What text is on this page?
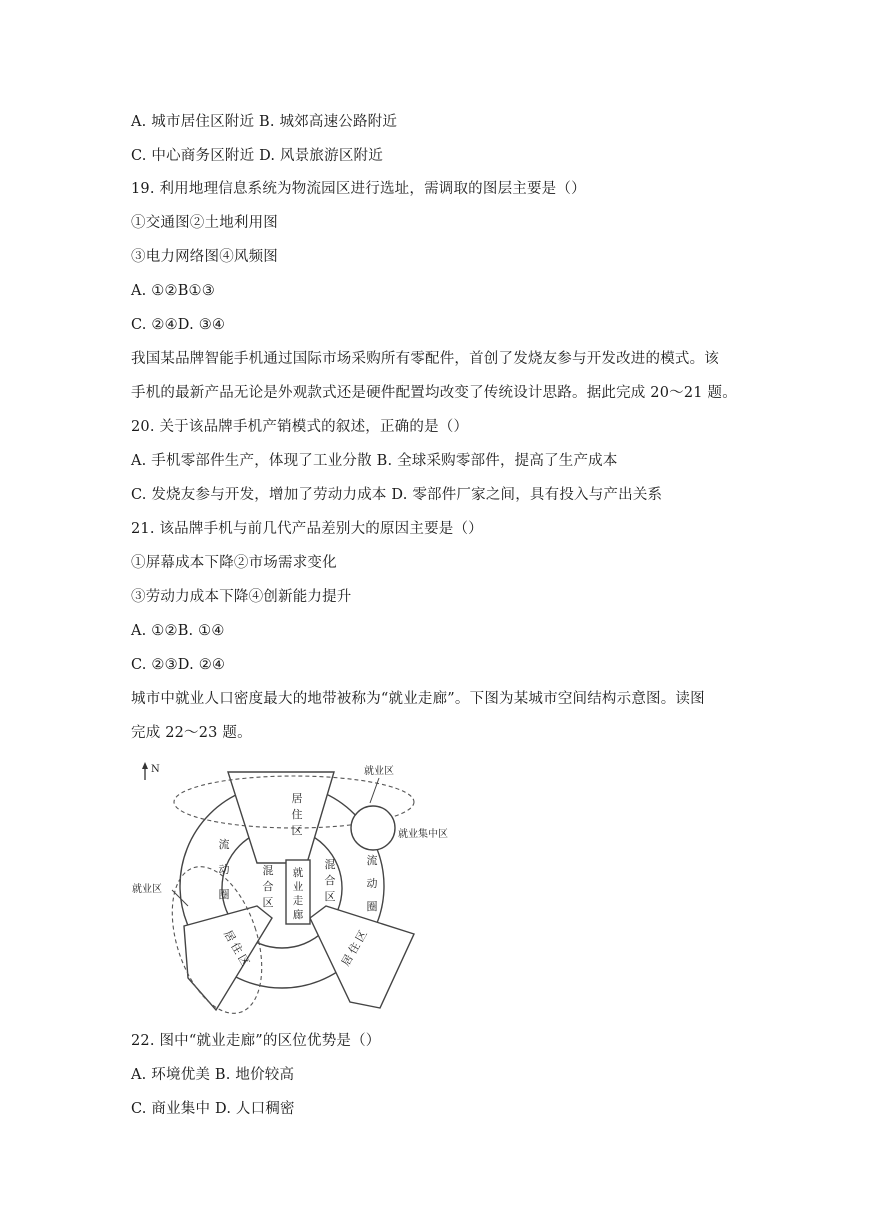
A. 城市居住区附近 B. 城郊高速公路附近
C. 中心商务区附近 D. 风景旅游区附近
19. 利用地理信息系统为物流园区进行选址，需调取的图层主要是（）
①交通图②土地利用图
③电力网络图④风频图
A. ①②B①③
C. ②④D. ③④
我国某品牌智能手机通过国际市场采购所有零配件，首创了发烧友参与开发改进的模式。该
手机的最新产品无论是外观款式还是硬件配置均改变了传统设计思路。据此完成 20～21 题。
20. 关于该品牌手机产销模式的叙述，正确的是（）
A. 手机零部件生产，体现了工业分散 B. 全球采购零部件，提高了生产成本
C. 发烧友参与开发，增加了劳动力成本 D. 零部件厂家之间，具有投入与产出关系
21. 该品牌手机与前几代产品差别大的原因主要是（）
①屏幕成本下降②市场需求变化
③劳动力成本下降④创新能力提升
A. ①②B. ①④
C. ②③D. ②④
城市中就业人口密度最大的地带被称为“就业走廊”。下图为某城市空间结构示意图。读图
完成 22～23 题。
N	就业区
就业区
就业集中区
居
住
区
居
住
区	居
住
区
混
合
区
混
合
区
流
动
圈
流
动
圈
就
业
走
廊
22. 图中“就业走廊”的区位优势是（）
A. 环境优美 B. 地价较高
C. 商业集中 D. 人口稠密
